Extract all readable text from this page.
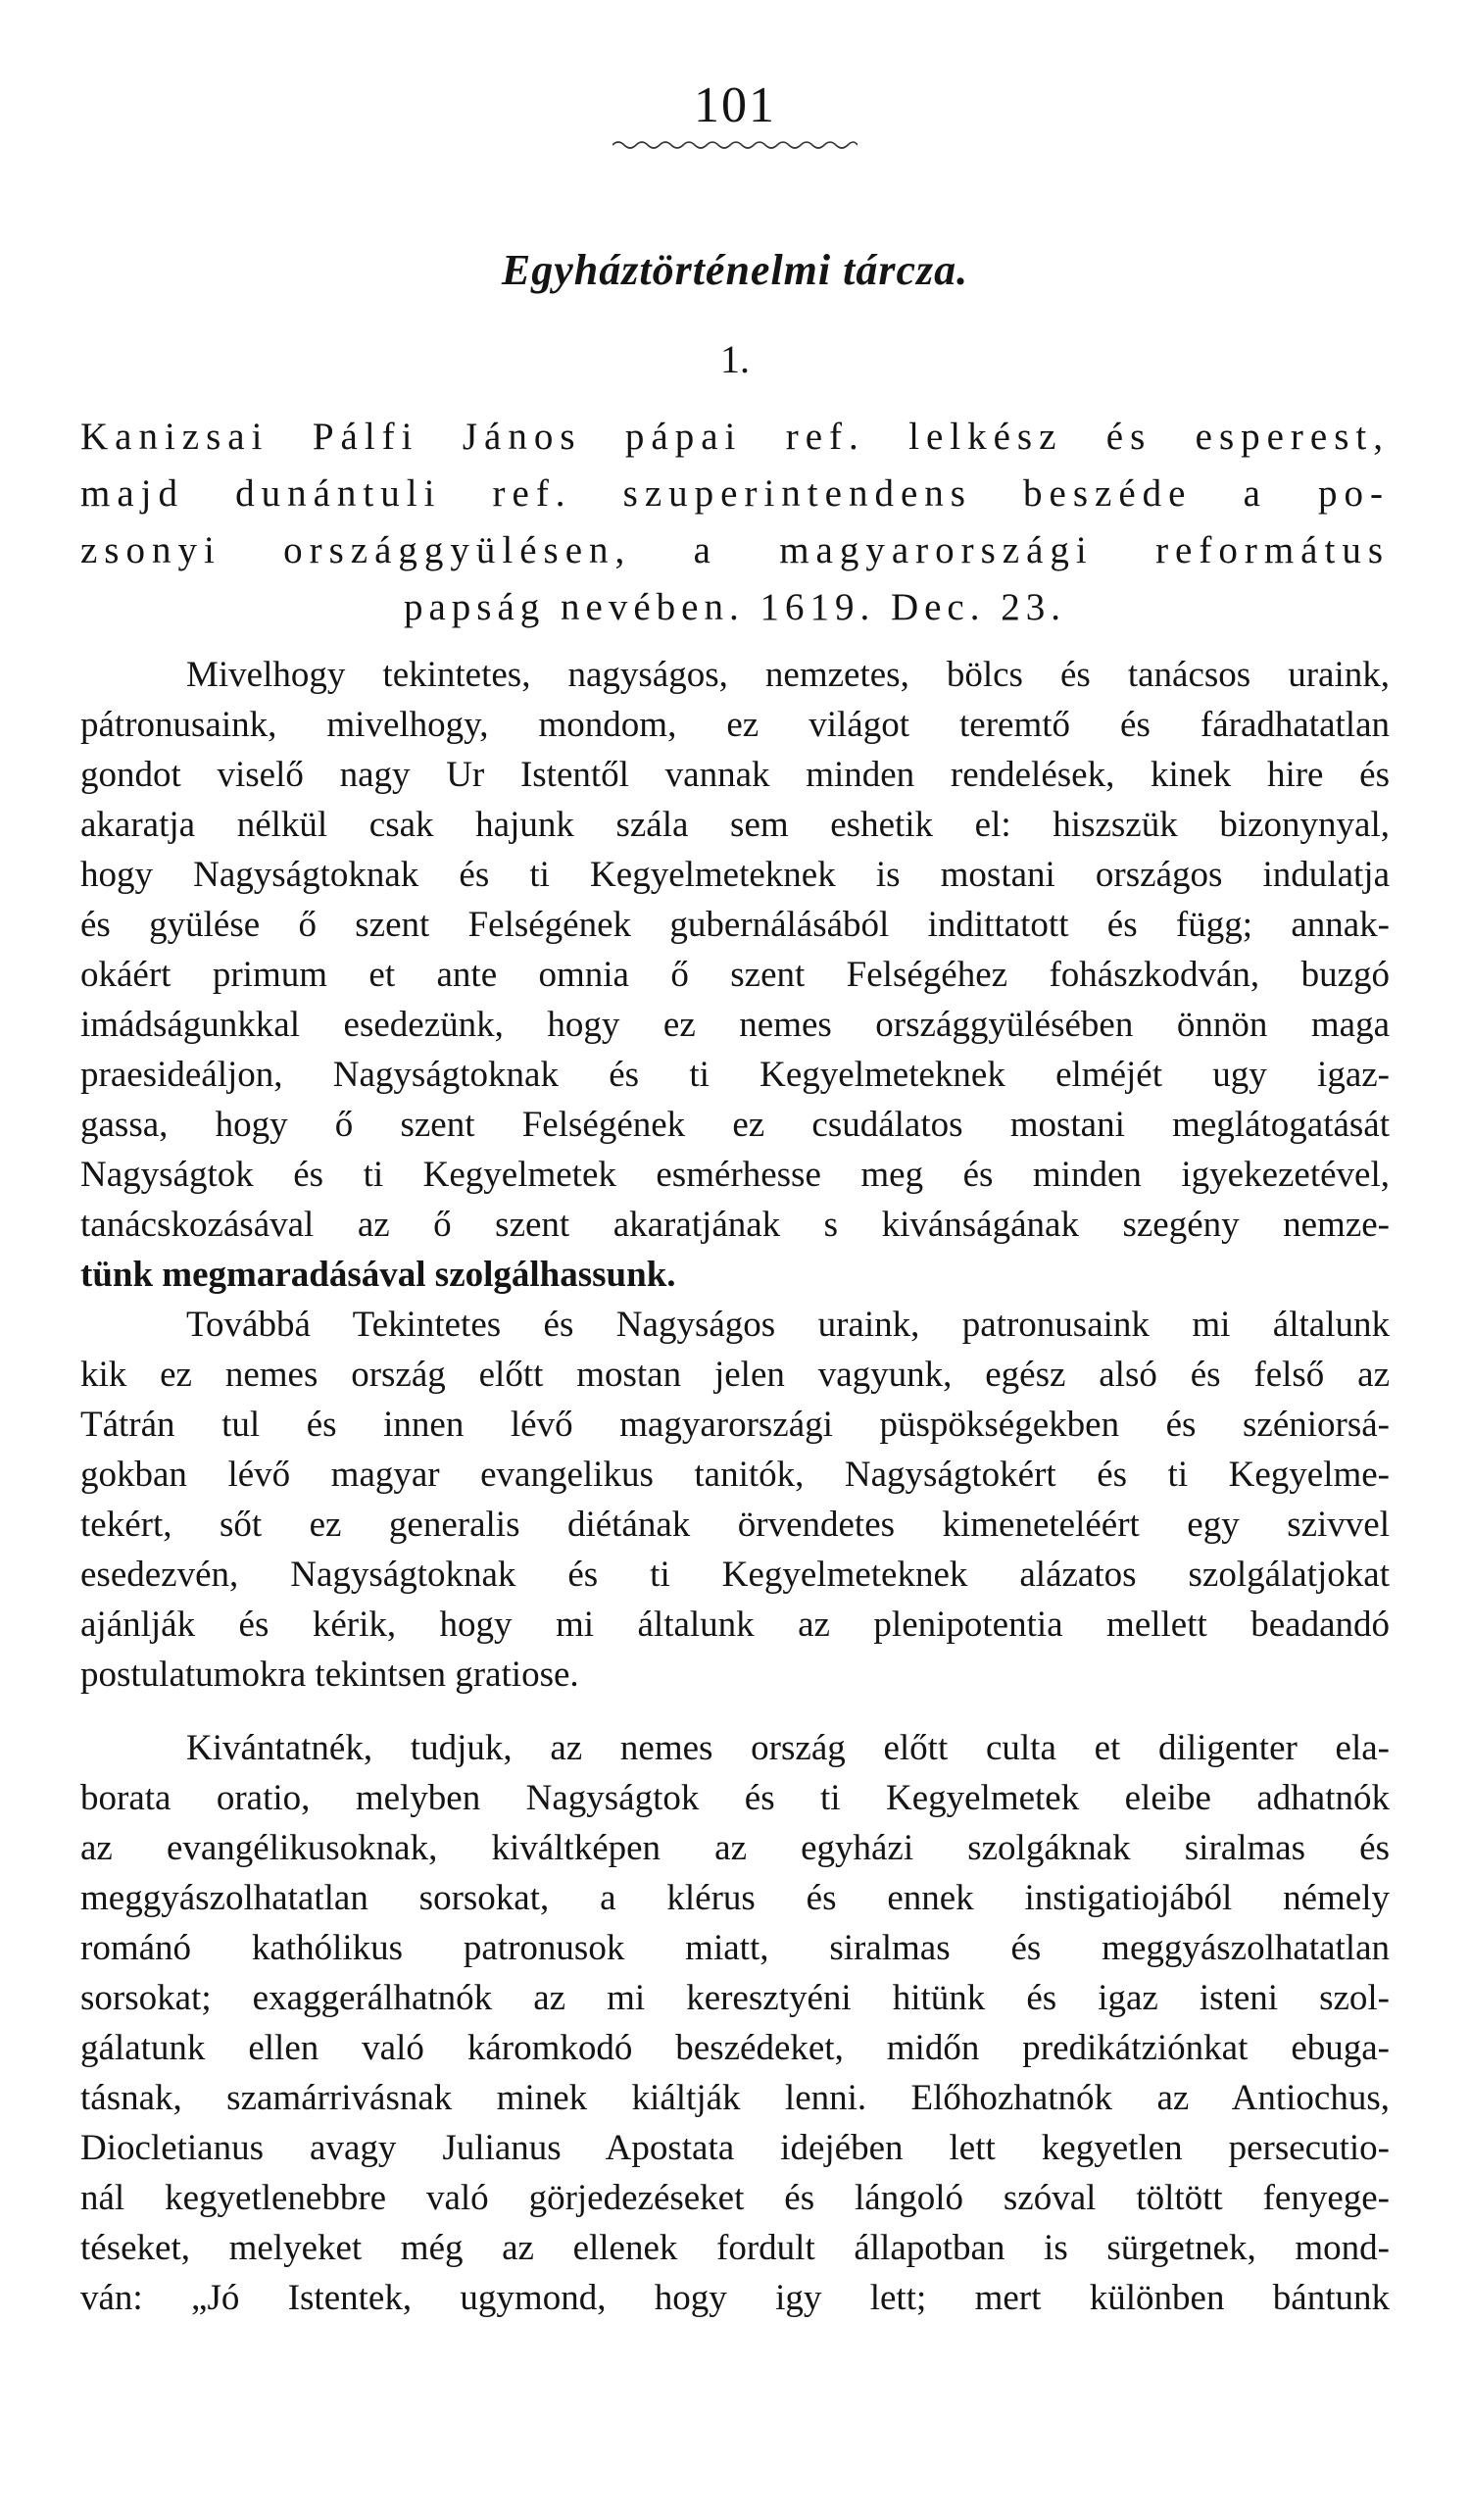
101
Egyháztörténelmi tárcza.
1.
Kanizsai Pálfi János pápai ref. lelkész és esperest,
majd dunántuli ref. szuperintendens beszéde a po-
zsonyi országgyülésen, a magyarországi református
papság nevében. 1619. Dec. 23.
Mivelhogy tekintetes, nagyságos, nemzetes, bölcs és tanácsos uraink,
pátronusaink, mivelhogy, mondom, ez világot teremtő és fáradhatatlan
gondot viselő nagy Ur Istentől vannak minden rendelések, kinek hire és
akaratja nélkül csak hajunk szála sem eshetik el: hiszszük bizonynyal,
hogy Nagyságtoknak és ti Kegyelmeteknek is mostani országos indulatja
és gyülése ő szent Felségének gubernálásából indittatott és függ; annak-
okáért primum et ante omnia ő szent Felségéhez fohászkodván, buzgó
imádságunkkal esedezünk, hogy ez nemes országgyülésében önnön maga
praesideáljon, Nagyságtoknak és ti Kegyelmeteknek elméjét ugy igaz-
gassa, hogy ő szent Felségének ez csudálatos mostani meglátogatását
Nagyságtok és ti Kegyelmetek esmérhesse meg és minden igyekezetével,
tanácskozásával az ő szent akaratjának s kivánságának szegény nemze-
tünk megmaradásával szolgálhassunk.
Továbbá Tekintetes és Nagyságos uraink, patronusaink mi általunk
kik ez nemes ország előtt mostan jelen vagyunk, egész alsó és felső az
Tátrán tul és innen lévő magyarországi püspökségekben és széniorsá-
gokban lévő magyar evangelikus tanitók, Nagyságtokért és ti Kegyelme-
tekért, sőt ez generalis diétának örvendetes kimeneteléért egy szivvel
esedezvén, Nagyságtoknak és ti Kegyelmeteknek alázatos szolgálatjokat
ajánlják és kérik, hogy mi általunk az plenipotentia mellett beadandó
postulatumokra tekintsen gratiose.
Kivántatnék, tudjuk, az nemes ország előtt culta et diligenter ela-
borata oratio, melyben Nagyságtok és ti Kegyelmetek eleibe adhatnók
az evangélikusoknak, kiváltképen az egyházi szolgáknak siralmas és
meggyászolhatatlan sorsokat, a klérus és ennek instigatiojából némely
románó kathólikus patronusok miatt, siralmas és meggyászolhatatlan
sorsokat; exaggerálhatnók az mi keresztyéni hitünk és igaz isteni szol-
gálatunk ellen való káromkodó beszédeket, midőn predikátziónkat ebuga-
tásnak, szamárrivásnak minek kiáltják lenni. Előhozhatnók az Antiochus,
Diocletianus avagy Julianus Apostata idejében lett kegyetlen persecutio-
nál kegyetlenebbre való görjedezéseket és lángoló szóval töltött fenyege-
téseket, melyeket még az ellenek fordult állapotban is sürgetnek, mond-
ván: „Jó Istentek, ugymond, hogy igy lett; mert különben bántunk
